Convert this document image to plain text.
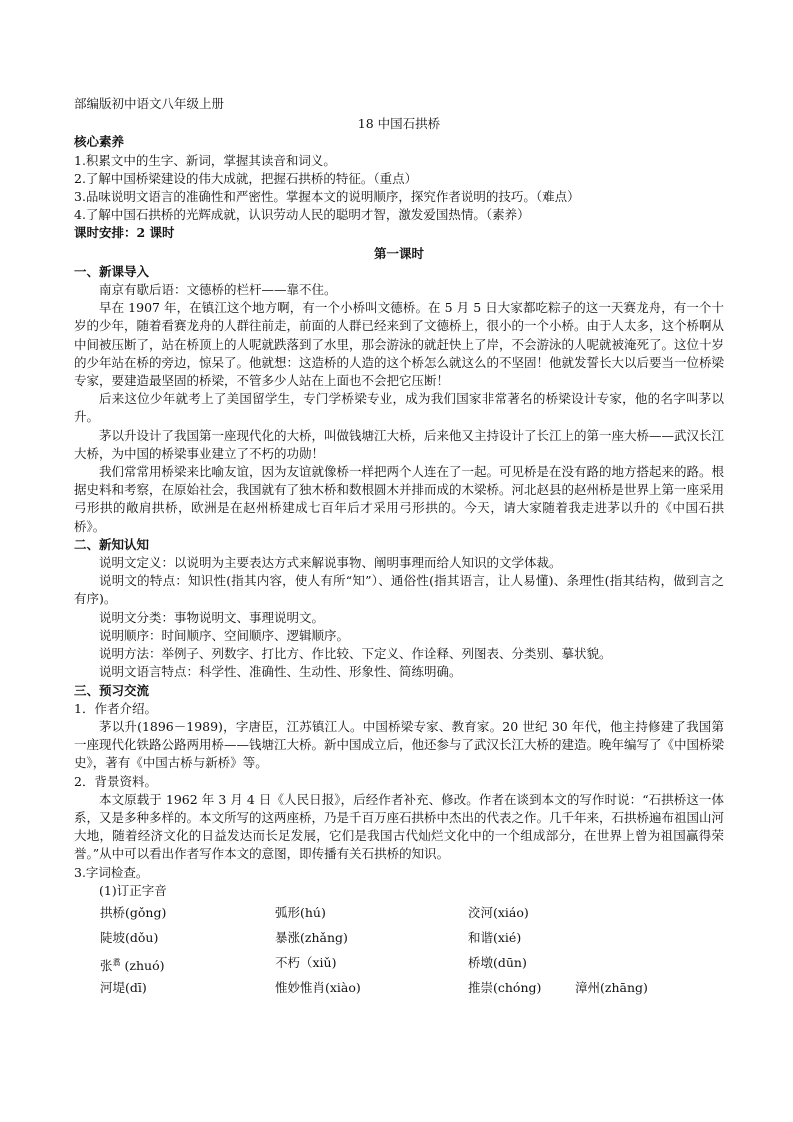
部编版初中语文八年级上册
18 中国石拱桥
核心素养
1.积累文中的生字、新词，掌握其读音和词义。
2.了解中国桥梁建设的伟大成就，把握石拱桥的特征。（重点）
3.品味说明文语言的准确性和严密性。掌握本文的说明顺序，探究作者说明的技巧。（难点）
4.了解中国石拱桥的光辉成就，认识劳动人民的聪明才智，激发爱国热情。（素养）
课时安排：2 课时
第一课时
一、新课导入
南京有歇后语：文德桥的栏杆——靠不住。
早在 1907 年，在镇江这个地方啊，有一个小桥叫文德桥。在 5 月 5 日大家都吃粽子的这一天赛龙舟，有一个十岁的少年，随着看赛龙舟的人群往前走，前面的人群已经来到了文德桥上，很小的一个小桥。由于人太多，这个桥啊从中间被压断了，站在桥顶上的人呢就跌落到了水里，那会游泳的就赶快上了岸，不会游泳的人呢就被淹死了。这位十岁的少年站在桥的旁边，惊呆了。他就想：这造桥的人造的这个桥怎么就这么的不坚固！他就发誓长大以后要当一位桥梁专家，要建造最坚固的桥梁，不管多少人站在上面也不会把它压断！
后来这位少年就考上了美国留学生，专门学桥梁专业，成为我们国家非常著名的桥梁设计专家，他的名字叫茅以升。
茅以升设计了我国第一座现代化的大桥，叫做钱塘江大桥，后来他又主持设计了长江上的第一座大桥——武汉长江大桥，为中国的桥梁事业建立了不朽的功勋！
我们常常用桥梁来比喻友谊，因为友谊就像桥一样把两个人连在了一起。可见桥是在没有路的地方搭起来的路。根据史料和考察，在原始社会，我国就有了独木桥和数根圆木并排而成的木梁桥。河北赵县的赵州桥是世界上第一座采用弓形拱的敞肩拱桥，欧洲是在赵州桥建成七百年后才采用弓形拱的。今天，请大家随着我走进茅以升的《中国石拱桥》。
二、新知认知
说明文定义：以说明为主要表达方式来解说事物、阐明事理而给人知识的文学体裁。
说明文的特点：知识性(指其内容，使人有所“知”）、通俗性(指其语言，让人易懂)、条理性(指其结构，做到言之有序)。
说明文分类：事物说明文、事理说明文。
说明顺序：时间顺序、空间顺序、逻辑顺序。
说明方法：举例子、列数字、打比方、作比较、下定义、作诠释、列图表、分类别、摹状貌。
说明文语言特点：科学性、准确性、生动性、形象性、简练明确。
三、预习交流
1．作者介绍。
茅以升(1896－1989)，字唐臣，江苏镇江人。中国桥梁专家、教育家。20 世纪 30 年代，他主持修建了我国第一座现代化铁路公路两用桥——钱塘江大桥。新中国成立后，他还参与了武汉长江大桥的建造。晚年编写了《中国桥梁史》，著有《中国古桥与新桥》等。
2．背景资料。
本文原载于 1962 年 3 月 4 日《人民日报》，后经作者补充、修改。作者在谈到本文的写作时说：“石拱桥这一体系，又是多种多样的。本文所写的这两座桥，乃是千百万座石拱桥中杰出的代表之作。几千年来，石拱桥遍布祖国山河大地，随着经济文化的日益发达而长足发展，它们是我国古代灿烂文化中的一个组成部分，在世界上曾为祖国赢得荣誉。”从中可以看出作者写作本文的意图，即传播有关石拱桥的知识。
3.字词检查。
(1)订正字音
拱桥(gǒng)	弧形(hú)	洨河(xiáo)
陡坡(dǒu)	暴涨(zhǎng)	和谐(xié)
张$^翥$ (zhuó)	不朽（xiǔ)	桥墩(dūn)
河堤(dī)	惟妙惟肖(xiào)	推崇(chóng)	漳州(zhāng)
